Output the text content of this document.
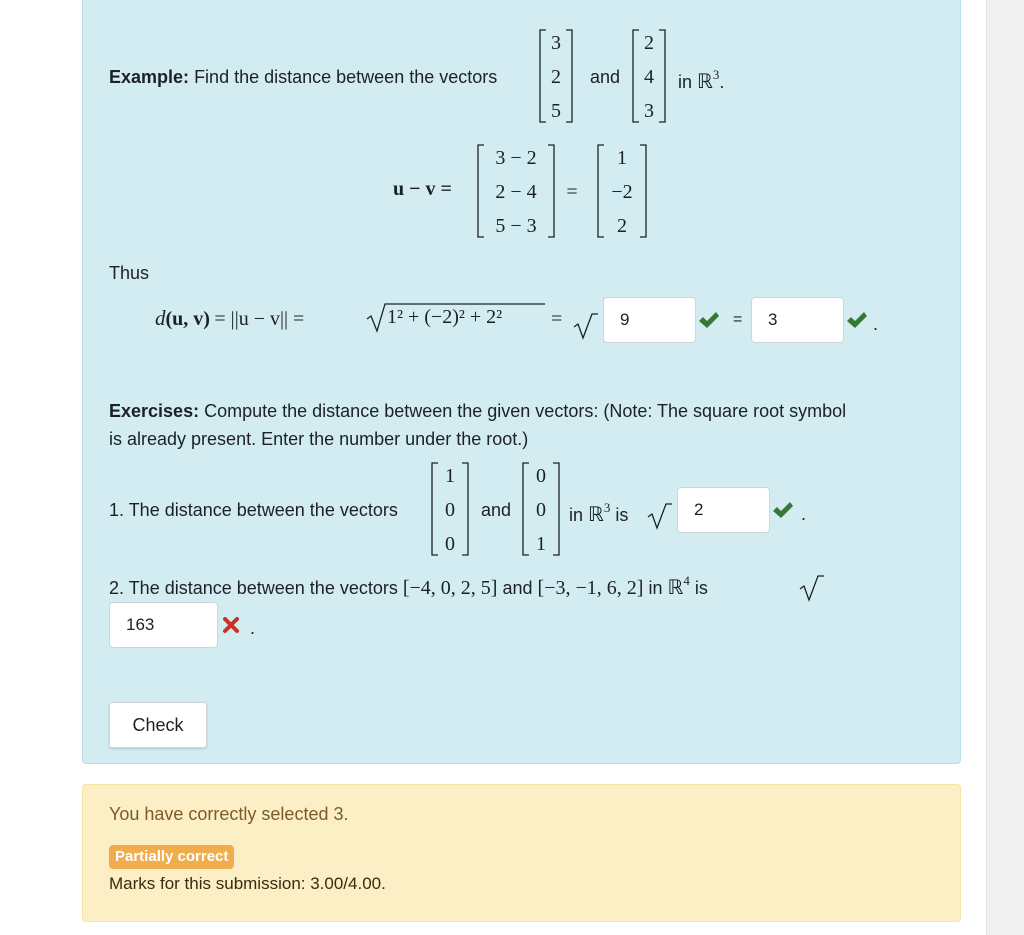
Example: Find the distance between the vectors
3
2
5
and
2
4
3
in ℝ$^3$.
u − v =
3 − 2
2 − 4
5 − 3
=
1
−2
2
Thus
d(u, v) = ||u − v|| =	1² + (−2)² + 2² =	9	=	3	.
Exercises: Compute the distance between the given vectors: (Note: The square root symbol
is already present. Enter the number under the root.)
1. The distance between the vectors
1
0
0
and
0
0
1
in ℝ$^3$ is	2	.
2. The distance between the vectors [−4, 0, 2, 5] and [−3, −1, 6, 2] in ℝ$^4$ is
163	.
Check
You have correctly selected 3.
Partially correct
Marks for this submission: 3.00/4.00.
